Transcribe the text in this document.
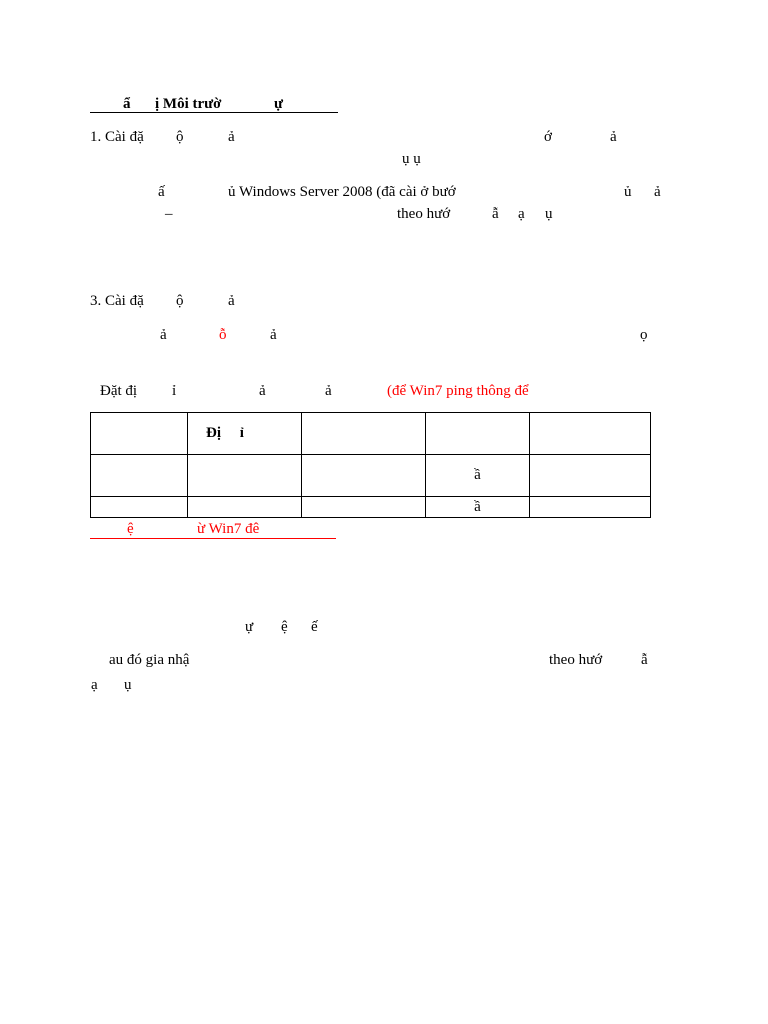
ẩ ị Môi trườ	ự
1. Cài đặ ộ	ả	ớ	ả
ụ ụ
ấ	ủ Windows Server 2008 (đã cài ở bướ	ủ ả
–	theo hướ	ẫ ạ ụ
3. Cài đặ ộ	ả
ả	ỗ	ả	ọ
Đặt đị ỉ	ả	ả	(để Win7 ping thông để
	Đị     ỉ			
			ầ	
			ầ	
ệ	ừ Win7 đê
ự ệ ế
au đó gia nhậ	theo hướ	ẫ
ạ ụ
